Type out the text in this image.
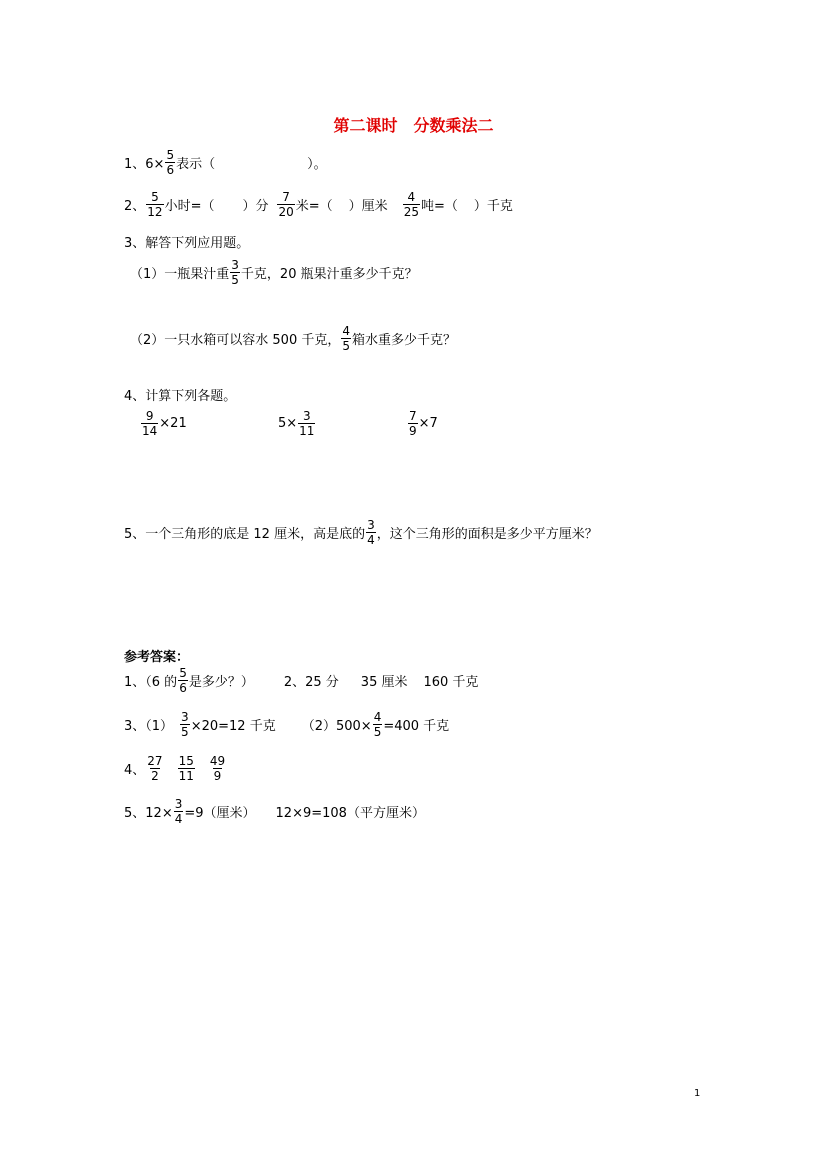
第二课时　分数乘法二
1、$6\times \frac{5}{6}$ 表示（	）。
2、 $\frac{5}{12}$ 小时=（ ）分 $\frac{7}{20}$ 米=（ ）厘米 $\frac{4}{25}$ 吨=（ ）千克
3、解答下列应用题。
（1）一瓶果汁重 $\frac{3}{5}$ 千克，20 瓶果汁重多少千克？
（2）一只水箱可以容水 500 千克， $\frac{4}{5}$ 箱水重多少千克？
4、计算下列各题。
$\frac{9}{14} \times 21$	$5\times \frac{3}{11}$	$\frac{7}{9} \times 7$
5、一个三角形的底是 12 厘米，高是底的 $\frac{3}{4}$ ，这个三角形的面积是多少平方厘米？
参考答案：
1、（6 的 $\frac{5}{6}$ 是多少？） 2、25 分 35 厘米 160 千克
3、$(1) \frac{3}{5} \times 20=12$ 千克 $(2)500\times \frac{4}{5} =400$ 千克
4、 $\frac{27}{2} \frac{15}{11} \frac{49}{9}$
5、$12\times \frac{3}{4} =9$（厘米） 12×9=108（平方厘米）
1
